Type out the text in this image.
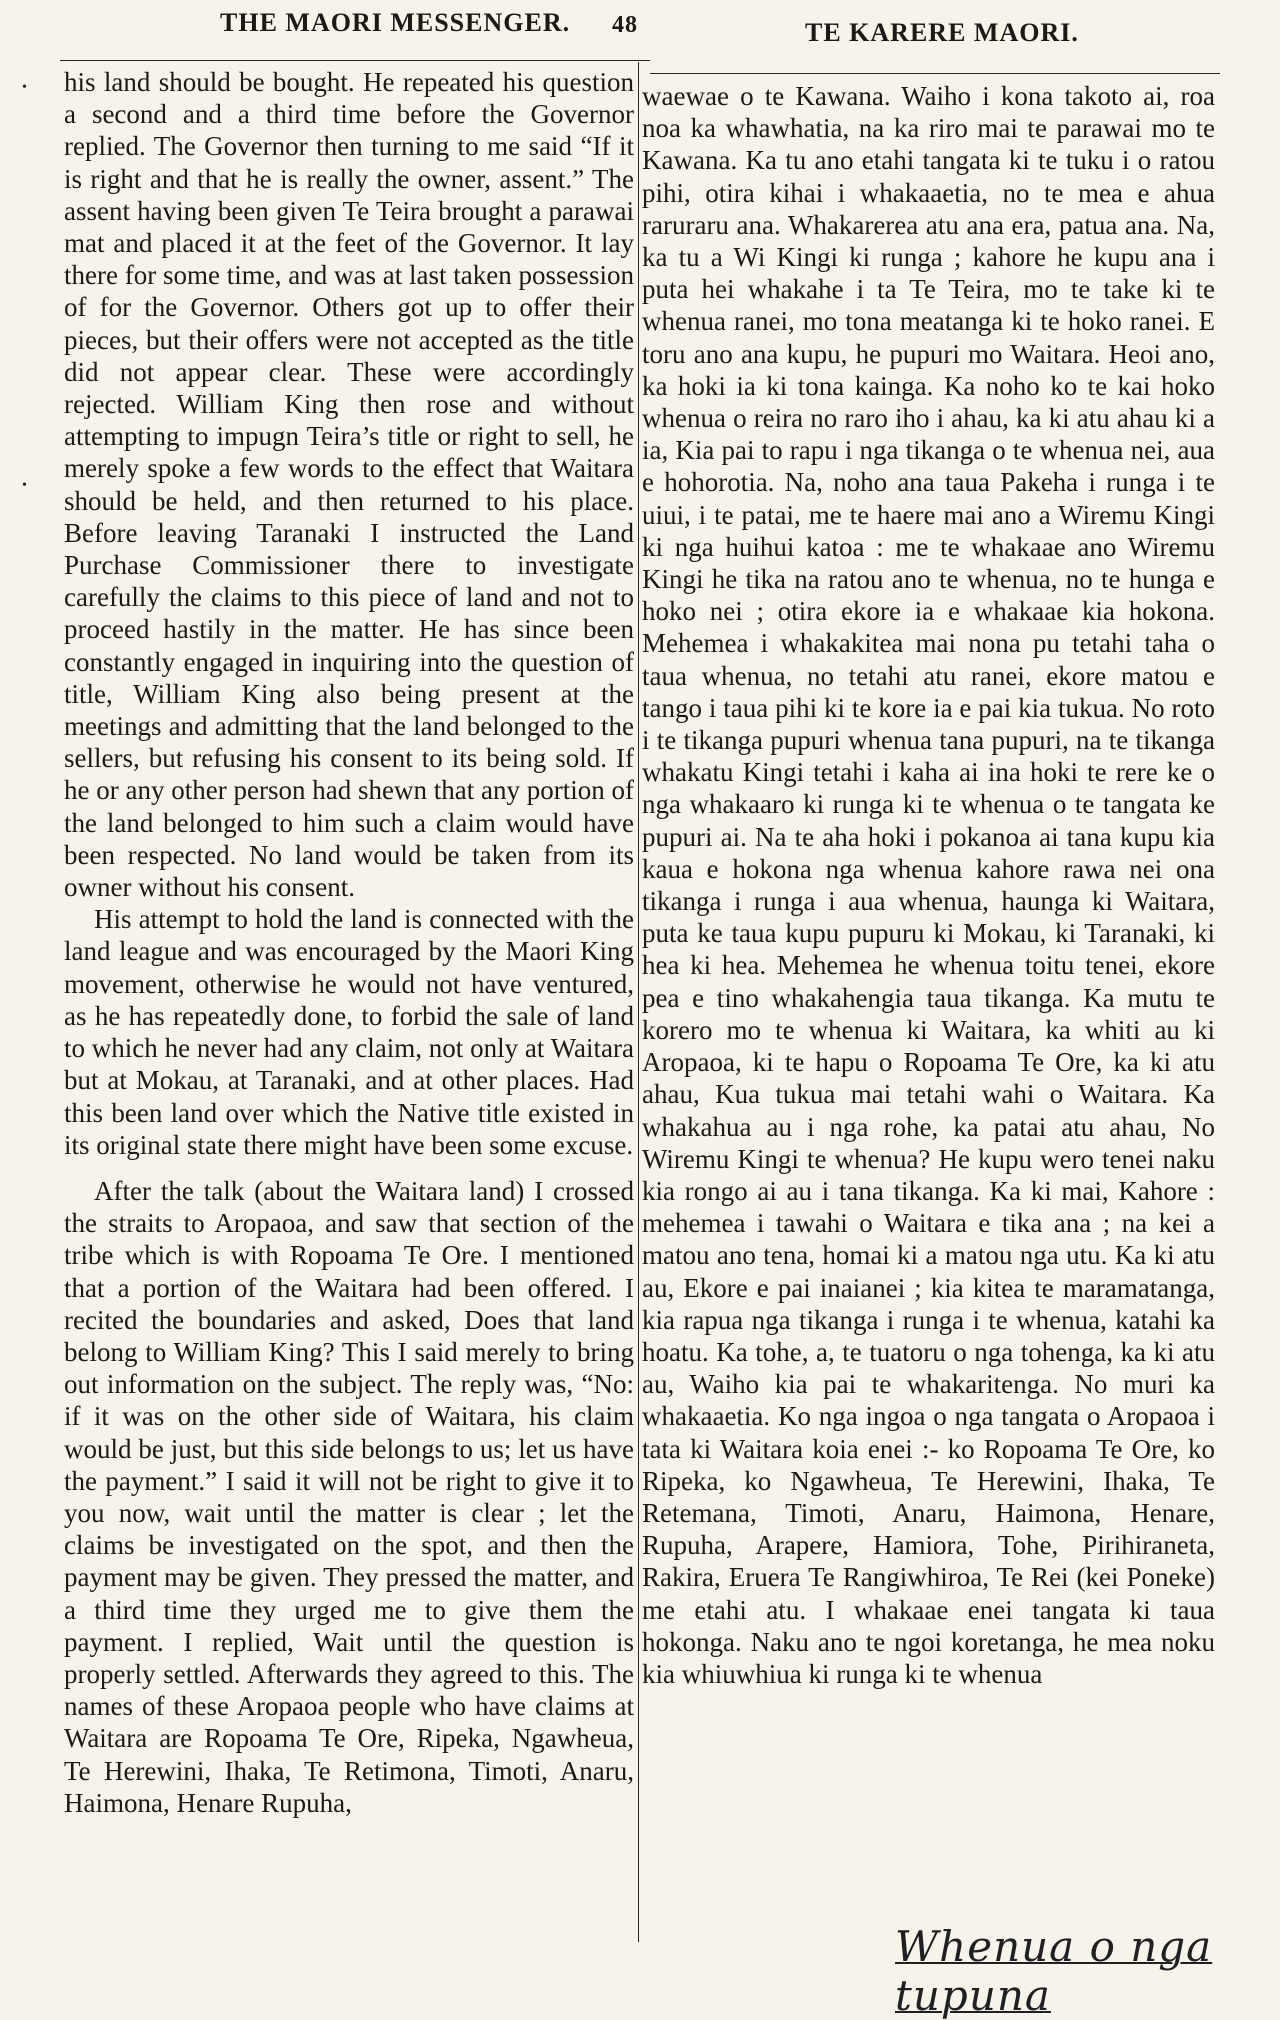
THE MAORI MESSENGER. 48	TE KARERE MAORI.
•
•

his land should be bought. He repeated his question a second and a third time before the Governor replied. The Governor then turning to me said “If it is right and that he is really the owner, assent.” The assent having been given Te Teira brought a parawai mat and placed it at the feet of the Governor. It lay there for some time, and was at last taken possession of for the Governor. Others got up to offer their pieces, but their offers were not accepted as the title did not appear clear. These were accordingly rejected. William King then rose and without attempting to impugn Teira’s title or right to sell, he merely spoke a few words to the effect that Waitara should be held, and then returned to his place. Before leaving Taranaki I instructed the Land Purchase Commissioner there to investigate carefully the claims to this piece of land and not to proceed hastily in the matter. He has since been constantly engaged in inquiring into the question of title, William King also being present at the meetings and admitting that the land belonged to the sellers, but refusing his consent to its being sold. If he or any other person had shewn that any portion of the land belonged to him such a claim would have been respected. No land would be taken from its owner without his consent.

His attempt to hold the land is connected with the land league and was encouraged by the Maori King movement, otherwise he would not have ventured, as he has repeatedly done, to forbid the sale of land to which he never had any claim, not only at Waitara but at Mokau, at Taranaki, and at other places. Had this been land over which the Native title existed in its original state there might have been some excuse.

After the talk (about the Waitara land) I crossed the straits to Aropaoa, and saw that section of the tribe which is with Ropoama Te Ore. I mentioned that a portion of the Waitara had been offered. I recited the boundaries and asked, Does that land belong to William King? This I said merely to bring out information on the subject. The reply was, “No: if it was on the other side of Waitara, his claim would be just, but this side belongs to us; let us have the payment.” I said it will not be right to give it to you now, wait until the matter is clear ; let the claims be investigated on the spot, and then the payment may be given. They pressed the matter, and a third time they urged me to give them the payment. I replied, Wait until the question is properly settled. Afterwards they agreed to this. The names of these Aropaoa people who have claims at Waitara are Ropoama Te Ore, Ripeka, Ngawheua, Te Herewini, Ihaka, Te Retimona, Timoti, Anaru, Haimona, Henare Rupuha,

waewae o te Kawana. Waiho i kona takoto ai, roa noa ka whawhatia, na ka riro mai te parawai mo te Kawana. Ka tu ano etahi tangata ki te tuku i o ratou pihi, otira kihai i whakaaetia, no te mea e ahua raruraru ana. Whakarerea atu ana era, patua ana. Na, ka tu a Wi Kingi ki runga ; kahore he kupu ana i puta hei whakahe i ta Te Teira, mo te take ki te whenua ranei, mo tona meatanga ki te hoko ranei. E toru ano ana kupu, he pupuri mo Waitara. Heoi ano, ka hoki ia ki tona kainga. Ka noho ko te kai hoko whenua o reira no raro iho i ahau, ka ki atu ahau ki a ia, Kia pai to rapu i nga tikanga o te whenua nei, aua e hohorotia. Na, noho ana taua Pakeha i runga i te uiui, i te patai, me te haere mai ano a Wiremu Kingi ki nga huihui katoa : me te whakaae ano Wiremu Kingi he tika na ratou ano te whenua, no te hunga e hoko nei ; otira ekore ia e whakaae kia hokona. Mehemea i whakakitea mai nona pu tetahi taha o taua whenua, no tetahi atu ranei, ekore matou e tango i taua pihi ki te kore ia e pai kia tukua. No roto i te tikanga pupuri whenua tana pupuri, na te tikanga whakatu Kingi tetahi i kaha ai ina hoki te rere ke o nga whakaaro ki runga ki te whenua o te tangata ke pupuri ai. Na te aha hoki i pokanoa ai tana kupu kia kaua e hokona nga whenua kahore rawa nei ona tikanga i runga i aua whenua, haunga ki Waitara, puta ke taua kupu pupuru ki Mokau, ki Taranaki, ki hea ki hea. Mehemea he whenua toitu tenei, ekore pea e tino whakahengia taua tikanga. Ka mutu te korero mo te whenua ki Waitara, ka whiti au ki Aropaoa, ki te hapu o Ropoama Te Ore, ka ki atu ahau, Kua tukua mai tetahi wahi o Waitara. Ka whakahua au i nga rohe, ka patai atu ahau, No Wiremu Kingi te whenua? He kupu wero tenei naku kia rongo ai au i tana tikanga. Ka ki mai, Kahore : mehemea i tawahi o Waitara e tika ana ; na kei a matou ano tena, homai ki a matou nga utu. Ka ki atu au, Ekore e pai inaianei ; kia kitea te maramatanga, kia rapua nga tikanga i runga i te whenua, katahi ka hoatu. Ka tohe, a, te tuatoru o nga tohenga, ka ki atu au, Waiho kia pai te whakaritenga. No muri ka whakaaetia. Ko nga ingoa o nga tangata o Aropaoa i tata ki Waitara koia enei :- ko Ropoama Te Ore, ko Ripeka, ko Ngawheua, Te Herewini, Ihaka, Te Retemana, Timoti, Anaru, Haimona, Henare, Rupuha, Arapere, Hamiora, Tohe, Pirihiraneta, Rakira, Eruera Te Rangiwhiroa, Te Rei (kei Poneke) me etahi atu. I whakaae enei tangata ki taua hokonga. Naku ano te ngoi koretanga, he mea noku kia whiuwhiua ki runga ki te whenua

Whenua o nga tupuna
